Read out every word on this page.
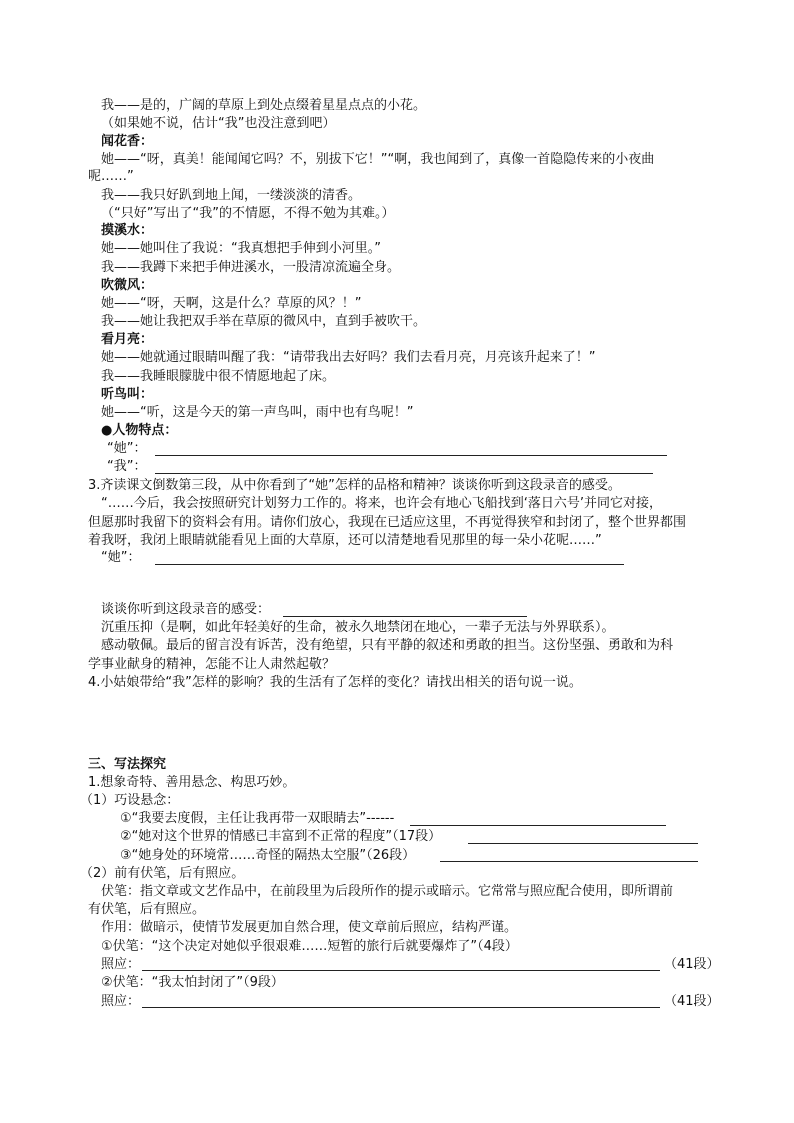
我——是的，广阔的草原上到处点缀着星星点点的小花。
（如果她不说，估计“我”也没注意到吧）
闻花香：
她——“呀，真美！能闻闻它吗？不，别拔下它！”“啊，我也闻到了，真像一首隐隐传来的小夜曲
呢……”
我——我只好趴到地上闻，一缕淡淡的清香。
（“只好”写出了“我”的不情愿，不得不勉为其难。）
摸溪水：
她——她叫住了我说：“我真想把手伸到小河里。”
我——我蹲下来把手伸进溪水，一股清凉流遍全身。
吹微风：
她——“呀，天啊，这是什么？草原的风？！”
我——她让我把双手举在草原的微风中，直到手被吹干。
看月亮：
她——她就通过眼睛叫醒了我：“请带我出去好吗？我们去看月亮，月亮该升起来了！”
我——我睡眼朦胧中很不情愿地起了床。
听鸟叫：
她——“听，这是今天的第一声鸟叫，雨中也有鸟呢！”
●人物特点：
“她”：
“我”：
3.齐读课文倒数第三段，从中你看到了“她”怎样的品格和精神？谈谈你听到这段录音的感受。
“……今后，我会按照研究计划努力工作的。将来，也许会有地心飞船找到‘落日六号’并同它对接，
但愿那时我留下的资料会有用。请你们放心，我现在已适应这里，不再觉得狭窄和封闭了，整个世界都围
着我呀，我闭上眼睛就能看见上面的大草原，还可以清楚地看见那里的每一朵小花呢……”
“她”：
谈谈你听到这段录音的感受：
沉重压抑（是啊，如此年轻美好的生命，被永久地禁闭在地心，一辈子无法与外界联系）。
感动敬佩。最后的留言没有诉苦，没有绝望，只有平静的叙述和勇敢的担当。这份坚强、勇敢和为科
学事业献身的精神，怎能不让人肃然起敬？
4.小姑娘带给“我”怎样的影响？我的生活有了怎样的变化？请找出相关的语句说一说。
三、写法探究
1.想象奇特、善用悬念、构思巧妙。
（1）巧设悬念：
①“我要去度假，主任让我再带一双眼睛去”------
②“她对这个世界的情感已丰富到不正常的程度”（17段）
③“她身处的环境常……奇怪的隔热太空服”（26段）
（2）前有伏笔，后有照应。
伏笔：指文章或文艺作品中，在前段里为后段所作的提示或暗示。它常常与照应配合使用，即所谓前
有伏笔，后有照应。
作用：做暗示，使情节发展更加自然合理，使文章前后照应，结构严谨。
①伏笔：“这个决定对她似乎很艰难……短暂的旅行后就要爆炸了”（4段）
照应：	（41段）
②伏笔：“我太怕封闭了”（9段）
照应：	（41段）
